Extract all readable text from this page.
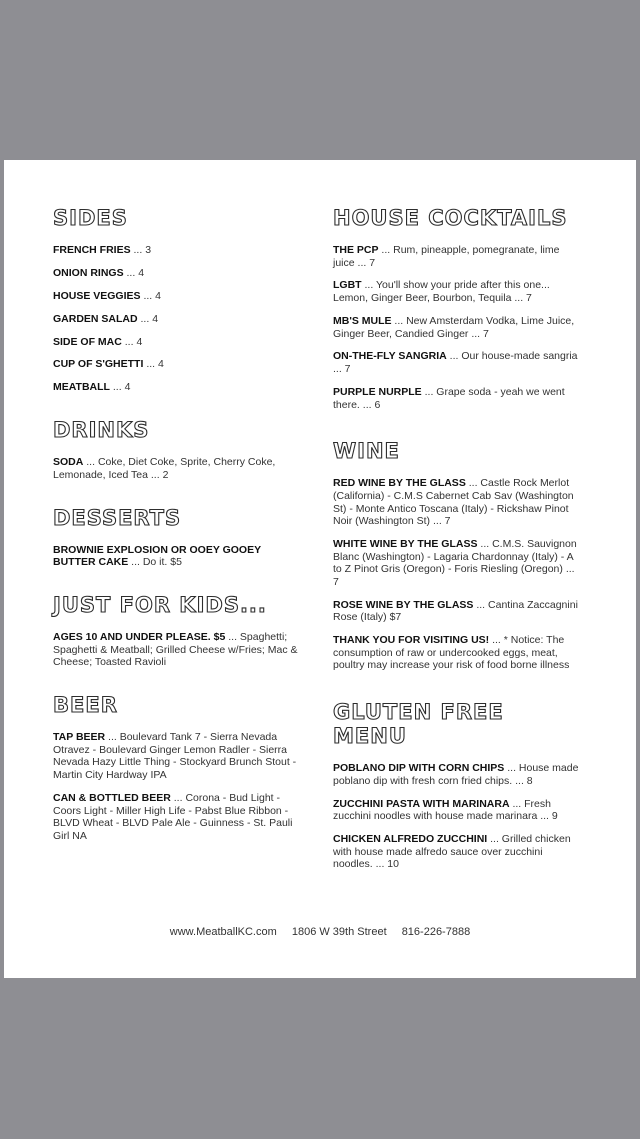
SIDES
FRENCH FRIES ... 3
ONION RINGS ... 4
HOUSE VEGGIES ... 4
GARDEN SALAD ... 4
SIDE OF MAC ... 4
CUP OF S'GHETTI ... 4
MEATBALL ... 4
DRINKS
SODA ... Coke, Diet Coke, Sprite, Cherry Coke, Lemonade, Iced Tea ... 2
DESSERTS
BROWNIE EXPLOSION OR OOEY GOOEY BUTTER CAKE ... Do it. $5
JUST FOR KIDS...
AGES 10 AND UNDER PLEASE. $5 ... Spaghetti; Spaghetti & Meatball; Grilled Cheese w/Fries; Mac & Cheese; Toasted Ravioli
BEER
TAP BEER ... Boulevard Tank 7 - Sierra Nevada Otravez - Boulevard Ginger Lemon Radler - Sierra Nevada Hazy Little Thing - Stockyard Brunch Stout - Martin City Hardway IPA
CAN & BOTTLED BEER ... Corona - Bud Light - Coors Light - Miller High Life - Pabst Blue Ribbon - BLVD Wheat - BLVD Pale Ale - Guinness - St. Pauli Girl NA
HOUSE COCKTAILS
THE PCP ... Rum, pineapple, pomegranate, lime juice ... 7
LGBT ... You'll show your pride after this one... Lemon, Ginger Beer, Bourbon, Tequila ... 7
MB'S MULE ... New Amsterdam Vodka, Lime Juice, Ginger Beer, Candied Ginger ... 7
ON-THE-FLY SANGRIA ... Our house-made sangria ... 7
PURPLE NURPLE ... Grape soda - yeah we went there. ... 6
WINE
RED WINE BY THE GLASS ... Castle Rock Merlot (California) - C.M.S Cabernet Cab Sav (Washington St) - Monte Antico Toscana (Italy) - Rickshaw Pinot Noir (Washington St) ... 7
WHITE WINE BY THE GLASS ... C.M.S. Sauvignon Blanc (Washington) - Lagaria Chardonnay (Italy) - A to Z Pinot Gris (Oregon) - Foris Riesling (Oregon) ... 7
ROSE WINE BY THE GLASS ... Cantina Zaccagnini Rose (Italy) $7
THANK YOU FOR VISITING US! ... * Notice: The consumption of raw or undercooked eggs, meat, poultry may increase your risk of food borne illness
GLUTEN FREE MENU
POBLANO DIP WITH CORN CHIPS ... House made poblano dip with fresh corn fried chips. ... 8
ZUCCHINI PASTA WITH MARINARA ... Fresh zucchini noodles with house made marinara ... 9
CHICKEN ALFREDO ZUCCHINI ... Grilled chicken with house made alfredo sauce over zucchini noodles. ... 10
www.MeatballKC.com 1806 W 39th Street 816-226-7888
